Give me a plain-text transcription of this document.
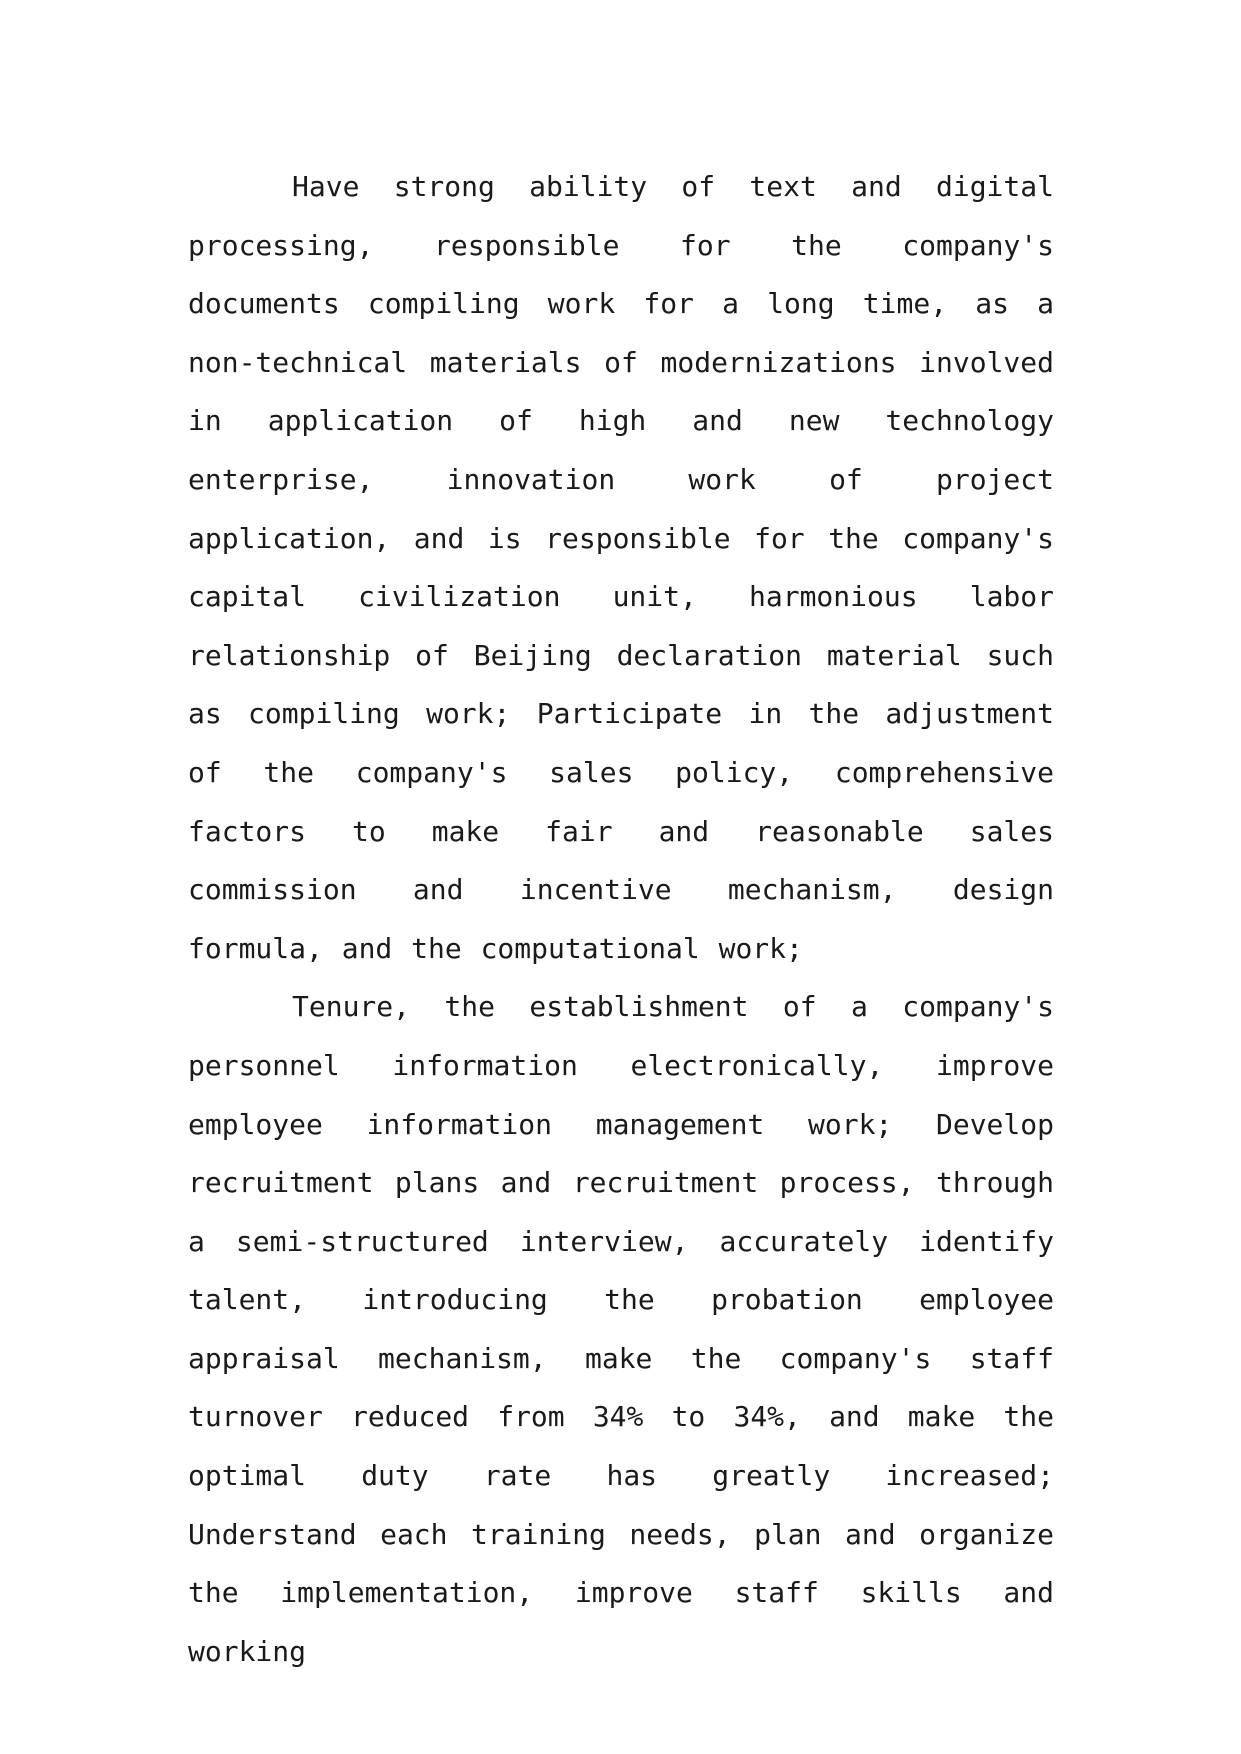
Have strong ability of text and digital processing, responsible for the company's documents compiling work for a long time, as a non-technical materials of modernizations involved in application of high and new technology enterprise, innovation work of project application, and is responsible for the company's capital civilization unit, harmonious labor relationship of Beijing declaration material such as compiling work; Participate in the adjustment of the company's sales policy, comprehensive factors to make fair and reasonable sales commission and incentive mechanism, design formula, and the computational work;

Tenure, the establishment of a company's personnel information electronically, improve employee information management work; Develop recruitment plans and recruitment process, through a semi-structured interview, accurately identify talent, introducing the probation employee appraisal mechanism, make the company's staff turnover reduced from 34% to 34%, and make the optimal duty rate has greatly increased; Understand each training needs, plan and organize the implementation, improve staff skills and working
